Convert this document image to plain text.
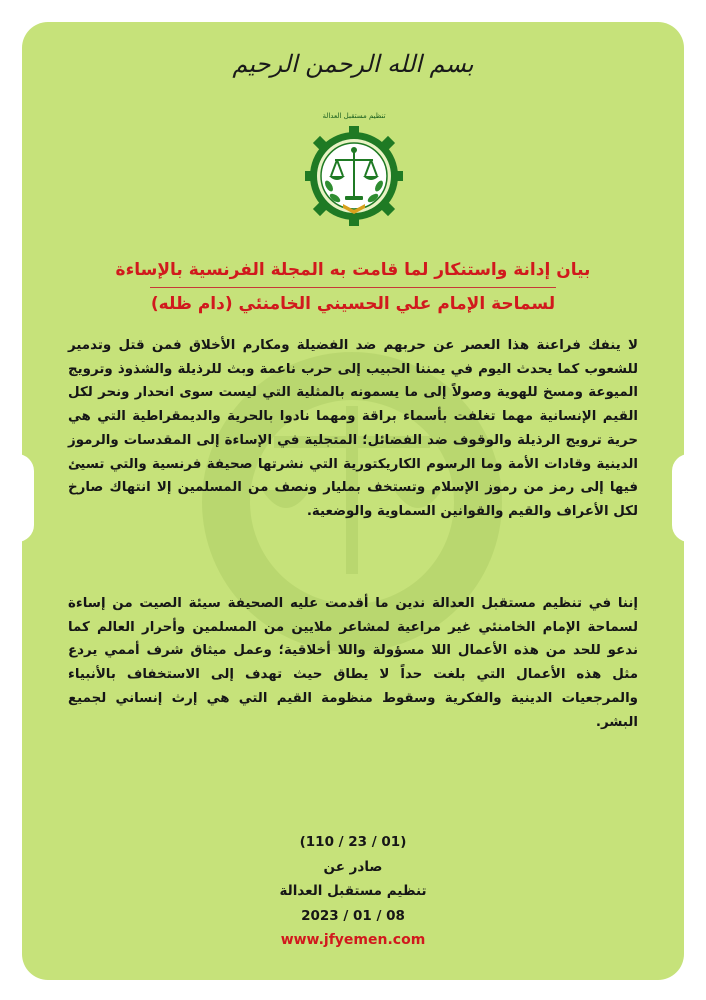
بسم الله الرحمن الرحيم
تنظيم مستقبل العدالة
بيان إدانة واستنكار لما قامت به المجلة الفرنسية بالإساءة
لسماحة الإمام علي الحسيني الخامنئي (دام ظله)

لا ينفك فراعنة هذا العصر عن حربهم ضد الفضيلة ومكارم الأخلاق فمن قتل وتدمير للشعوب كما يحدث اليوم في يمننا الحبيب إلى حرب ناعمة وبث للرذيلة والشذوذ وترويج الميوعة ومسخ للهوية وصولاً إلى ما يسمونه بالمثلية التي ليست سوى انحدار ونحر لكل القيم الإنسانية مهما تغلفت بأسماء براقة ومهما نادوا بالحرية والديمقراطية التي هي حرية ترويج الرذيلة والوقوف ضد الفضائل؛ المتجلية في الإساءة إلى المقدسات والرموز الدينية وقادات الأمة وما الرسوم الكاريكتورية التي نشرتها صحيفة فرنسية والتي تسيئ فيها إلى رمز من رموز الإسلام وتستخف بمليار ونصف من المسلمين إلا انتهاك صارخ لكل الأعراف والقيم والقوانين السماوية والوضعية.

إننا في تنظيم مستقبل العدالة ندين ما أقدمت عليه الصحيفة سيئة الصيت من إساءة لسماحة الإمام الخامنئي غير مراعية لمشاعر ملايين من المسلمين وأحرار العالم كما ندعو للحد من هذه الأعمال اللا مسؤولة واللا أخلاقية؛ وعمل ميثاق شرف أممي يردع مثل هذه الأعمال التي بلغت حداً لا يطاق حيث تهدف إلى الاستخفاف بالأنبياء والمرجعيات الدينية والفكرية وسقوط منظومة القيم التي هي إرث إنساني لجميع البشر.

(110 / 23 / 01)
صادر عن
تنظيم مستقبل العدالة
2023 / 01 / 08
www.jfyemen.com
